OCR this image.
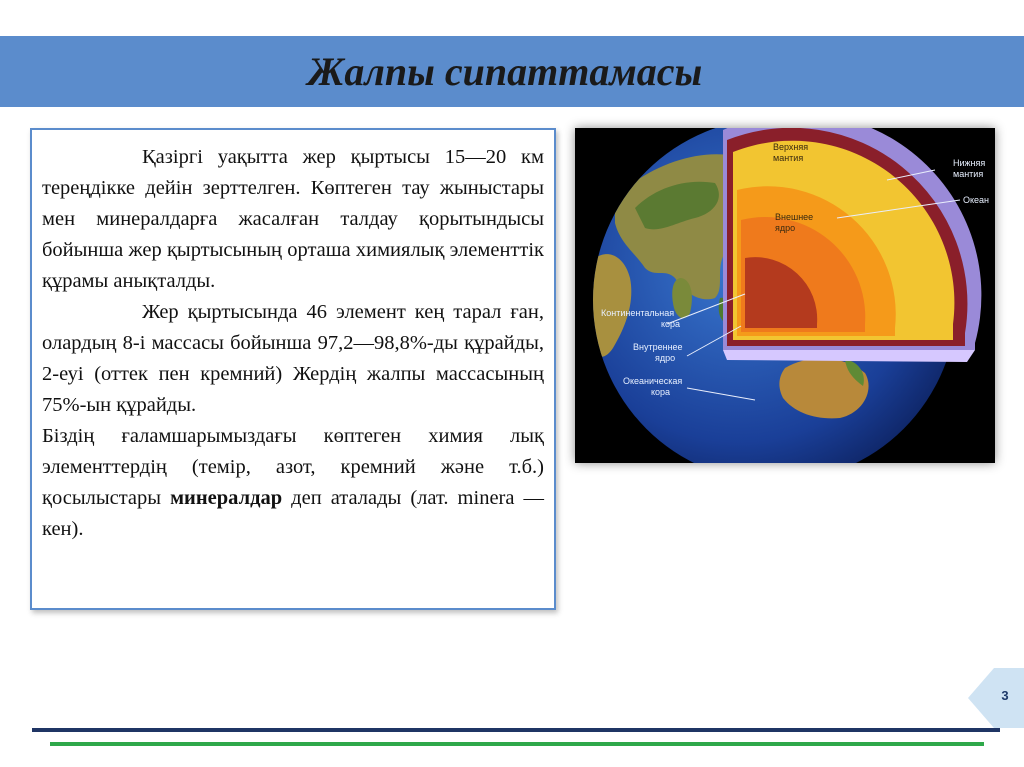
Жалпы сипаттамасы

Қазіргі уақытта жер қыртысы 15—20 км тереңдікке дейін зерттелген. Көптеген тау жыныстары мен минералдарға жасалған талдау қорытындысы бойынша жер қыртысының орташа химиялық элементтік құрамы анықталды.

Жер қыртысында 46 элемент кең тарал ған, олардың 8-і массасы бойынша 97,2—98,8%-ды құрайды, 2-еуі (оттек пен кремний) Жердің жалпы массасының 75%-ын құрайды.

Біздің ғаламшарымыздағы көптеген химия лық элементтердің (темір, азот, кремний және т.б.) қосылыстары минералдар деп аталады (лат. minera — кен).

Верхняя
мантия	Нижняя
мантия
Океан
Внешнее
ядро
Континентальная
кора
Внутреннее
ядро
Океаническая
кора
3
